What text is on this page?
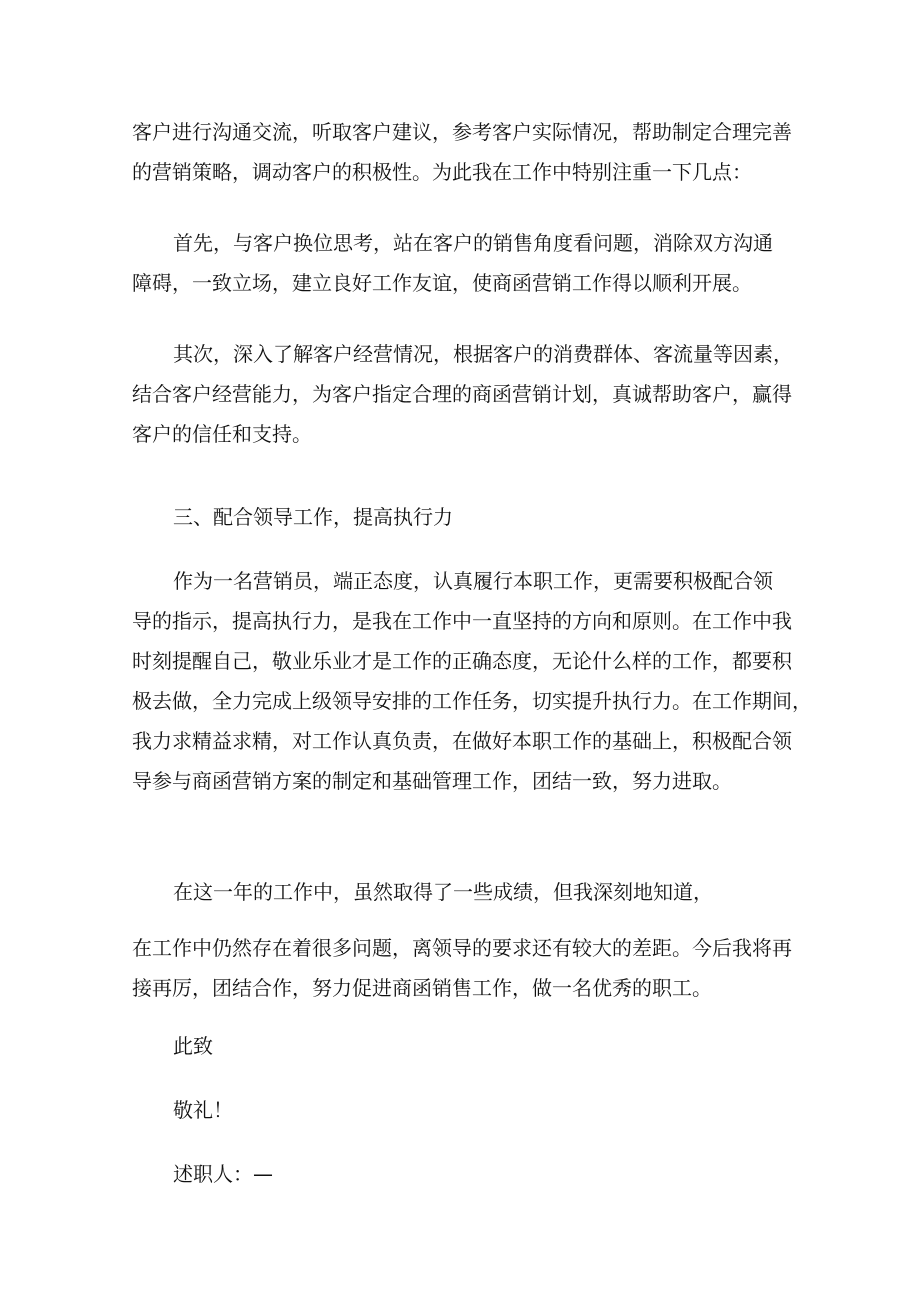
客户进行沟通交流，听取客户建议，参考客户实际情况，帮助制定合理完善
的营销策略，调动客户的积极性。为此我在工作中特别注重一下几点：
首先，与客户换位思考，站在客户的销售角度看问题，消除双方沟通
障碍，一致立场，建立良好工作友谊，使商函营销工作得以顺利开展。
其次，深入了解客户经营情况，根据客户的消费群体、客流量等因素，
结合客户经营能力，为客户指定合理的商函营销计划，真诚帮助客户，赢得
客户的信任和支持。
三、配合领导工作，提高执行力
作为一名营销员，端正态度，认真履行本职工作，更需要积极配合领
导的指示，提高执行力，是我在工作中一直坚持的方向和原则。在工作中我
时刻提醒自己，敬业乐业才是工作的正确态度，无论什么样的工作，都要积
极去做，全力完成上级领导安排的工作任务，切实提升执行力。在工作期间，
我力求精益求精，对工作认真负责，在做好本职工作的基础上，积极配合领
导参与商函营销方案的制定和基础管理工作，团结一致，努力进取。
在这一年的工作中，虽然取得了一些成绩，但我深刻地知道，
在工作中仍然存在着很多问题，离领导的要求还有较大的差距。今后我将再
接再厉，团结合作，努力促进商函销售工作，做一名优秀的职工。
此致
敬礼！
述职人：—
